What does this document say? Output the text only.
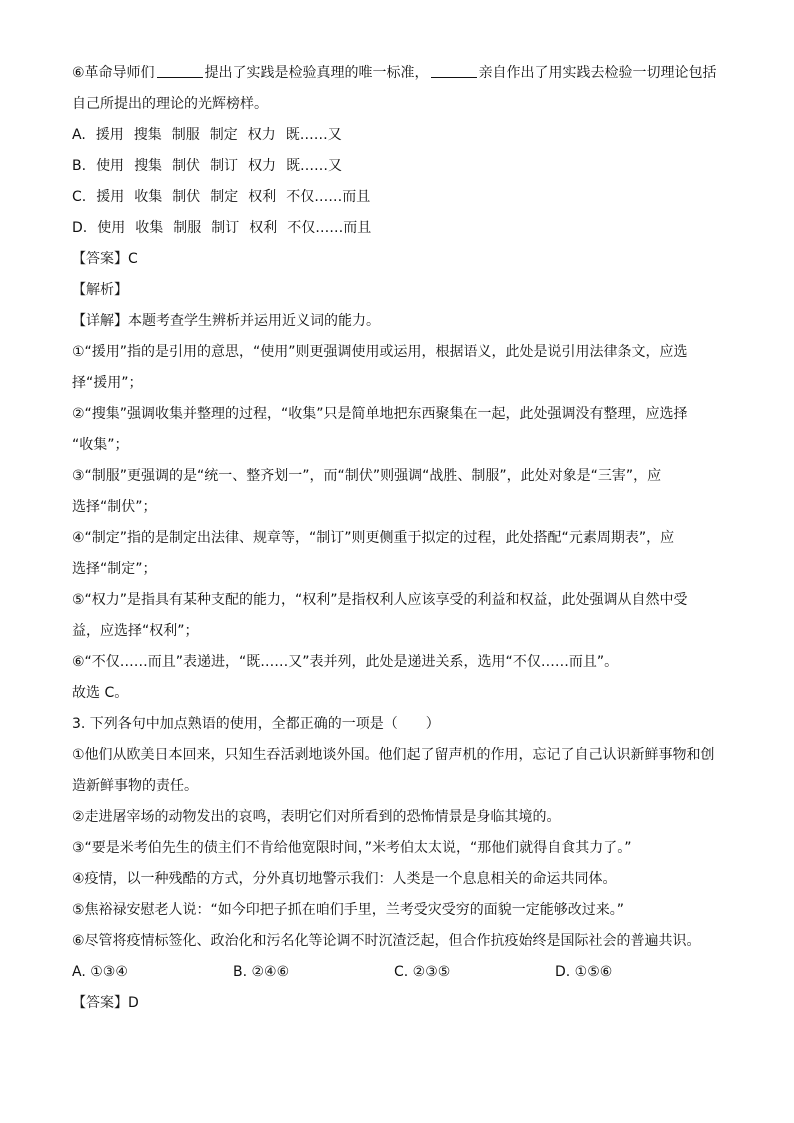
⑥革命导师们	提出了实践是检验真理的唯一标准，	亲自作出了用实践去检验一切理论包括
自己所提出的理论的光辉榜样。
A. 援用 搜集 制服 制定 权力 既……又
B. 使用 搜集 制伏 制订 权力 既……又
C. 援用 收集 制伏 制定 权利 不仅……而且
D. 使用 收集 制服 制订 权利 不仅……而且
【答案】C
【解析】
【详解】本题考查学生辨析并运用近义词的能力。
①“援用”指的是引用的意思，“使用”则更强调使用或运用，根据语义，此处是说引用法律条文，应选
择“援用”；
②“搜集”强调收集并整理的过程，“收集”只是简单地把东西聚集在一起，此处强调没有整理，应选择
“收集”；
③“制服”更强调的是“统一、整齐划一”，而“制伏”则强调“战胜、制服”，此处对象是“三害”，应
选择“制伏”；
④“制定”指的是制定出法律、规章等，“制订”则更侧重于拟定的过程，此处搭配“元素周期表”，应
选择“制定”；
⑤“权力”是指具有某种支配的能力，“权利”是指权利人应该享受的利益和权益，此处强调从自然中受
益，应选择“权利”；
⑥“不仅……而且”表递进，“既……又”表并列，此处是递进关系，选用“不仅……而且”。
故选 C。
3. 下列各句中加点熟语的使用，全都正确的一项是（　　）
①他们从欧美日本回来，只知生吞活剥地谈外国。他们起了留声机的作用，忘记了自己认识新鲜事物和创
造新鲜事物的责任。
②走进屠宰场的动物发出的哀鸣，表明它们对所看到的恐怖情景是身临其境的。
③“要是米考伯先生的债主们不肯给他宽限时间，”米考伯太太说，“那他们就得自食其力了。”
④疫情，以一种残酷的方式，分外真切地警示我们：人类是一个息息相关的命运共同体。
⑤焦裕禄安慰老人说：“如今印把子抓在咱们手里，兰考受灾受穷的面貌一定能够改过来。”
⑥尽管将疫情标签化、政治化和污名化等论调不时沉渣泛起，但合作抗疫始终是国际社会的普遍共识。
A. ①③④	B. ②④⑥	C. ②③⑤	D. ①⑤⑥
【答案】D
